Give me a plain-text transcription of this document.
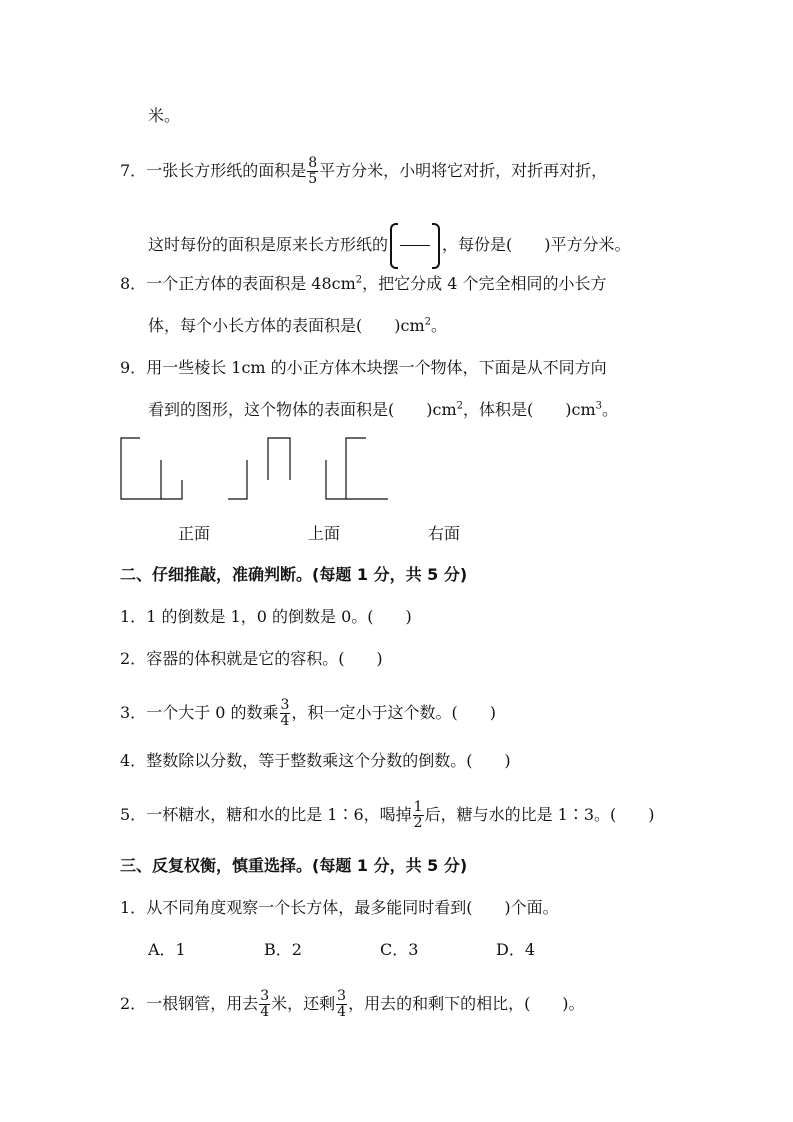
米。
7．一张长方形纸的面积是 $\frac{8}{5}$ 平方分米，小明将它对折，对折再对折，
这时每份的面积是原来长方形纸的	，每份是(　　)平方分米。
8．一个正方体的表面积是 $48cm^2$，把它分成 4 个完全相同的小长方
体，每个小长方体的表面积是(　　)$cm^2$。
9．用一些棱长 1cm 的小正方体木块摆一个物体，下面是从不同方向
看到的图形，这个物体的表面积是(　　)$cm^2$，体积是(　　)$cm^3$。
正面	上面	右面
二、仔细推敲，准确判断。(每题 1 分，共 5 分)
1．1 的倒数是 1，0 的倒数是 0。(　　)
2．容器的体积就是它的容积。(　　)
3．一个大于 0 的数乘 $\frac{3}{4}$ ，积一定小于这个数。(　　)
4．整数除以分数，等于整数乘这个分数的倒数。(　　)
5．一杯糖水，糖和水的比是 1∶6，喝掉 $\frac{1}{2}$ 后，糖与水的比是 1∶3。(　　)
三、反复权衡，慎重选择。(每题 1 分，共 5 分)
1．从不同角度观察一个长方体，最多能同时看到(　　)个面。
A．1	B．2	C．3	D．4
2．一根钢管，用去 $\frac{3}{4}$ 米，还剩 $\frac{3}{4}$ ，用去的和剩下的相比，(　　)。
